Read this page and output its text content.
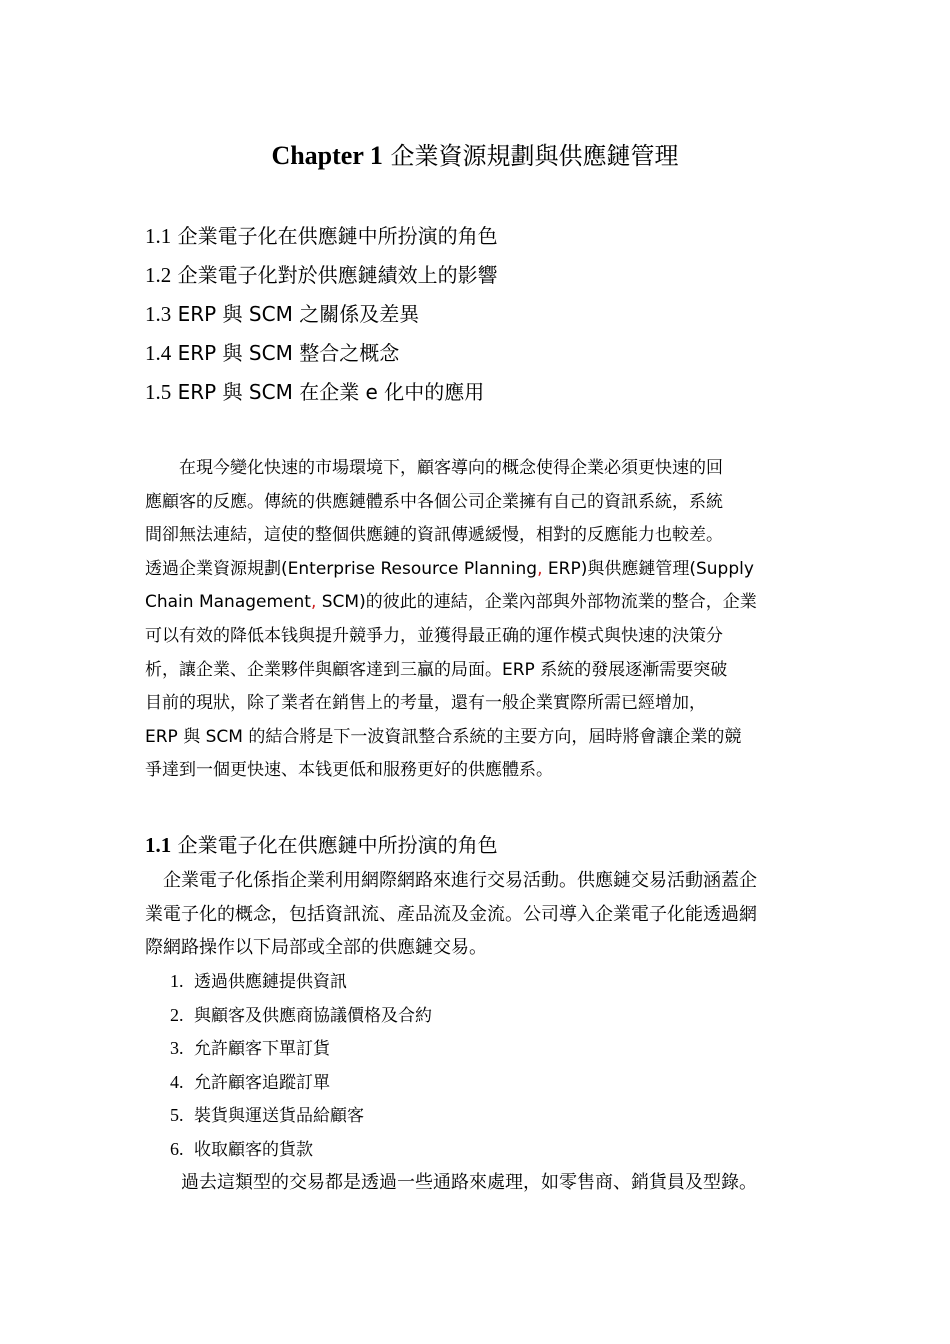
Chapter 1 企業資源規劃與供應鏈管理
1.1 企業電子化在供應鏈中所扮演的角色
1.2 企業電子化對於供應鏈績效上的影響
1.3 ERP 與 SCM 之關係及差異
1.4 ERP 與 SCM 整合之概念
1.5 ERP 與 SCM 在企業 e 化中的應用

　　在現今變化快速的市場環境下，顧客導向的概念使得企業必須更快速的回
應顧客的反應。傳統的供應鏈體系中各個公司企業擁有自己的資訊系統，系統
間卻無法連結，這使的整個供應鏈的資訊傳遞緩慢，相對的反應能力也較差。
透過企業資源規劃(Enterprise Resource Planning, ERP)與供應鏈管理(Supply
Chain Management, SCM)的彼此的連結，企業內部與外部物流業的整合，企業
可以有效的降低本钱與提升競爭力，並獲得最正确的運作模式與快速的決策分
析，讓企業、企業夥伴與顧客達到三贏的局面。ERP 系統的發展逐漸需要突破
目前的現狀，除了業者在銷售上的考量，還有一般企業實際所需已經增加，
ERP 與 SCM 的結合將是下一波資訊整合系統的主要方向，屆時將會讓企業的競
爭達到一個更快速、本钱更低和服務更好的供應體系。

1.1 企業電子化在供應鏈中所扮演的角色

　企業電子化係指企業利用網際網路來進行交易活動。供應鏈交易活動涵蓋企
業電子化的概念，包括資訊流、產品流及金流。公司導入企業電子化能透過網
際網路操作以下局部或全部的供應鏈交易。

1. 透過供應鏈提供資訊
2. 與顧客及供應商協議價格及合約
3. 允許顧客下單訂貨
4. 允許顧客追蹤訂單
5. 裝貨與運送貨品給顧客
6. 收取顧客的貨款

　　過去這類型的交易都是透過一些通路來處理，如零售商、銷貨員及型錄。
